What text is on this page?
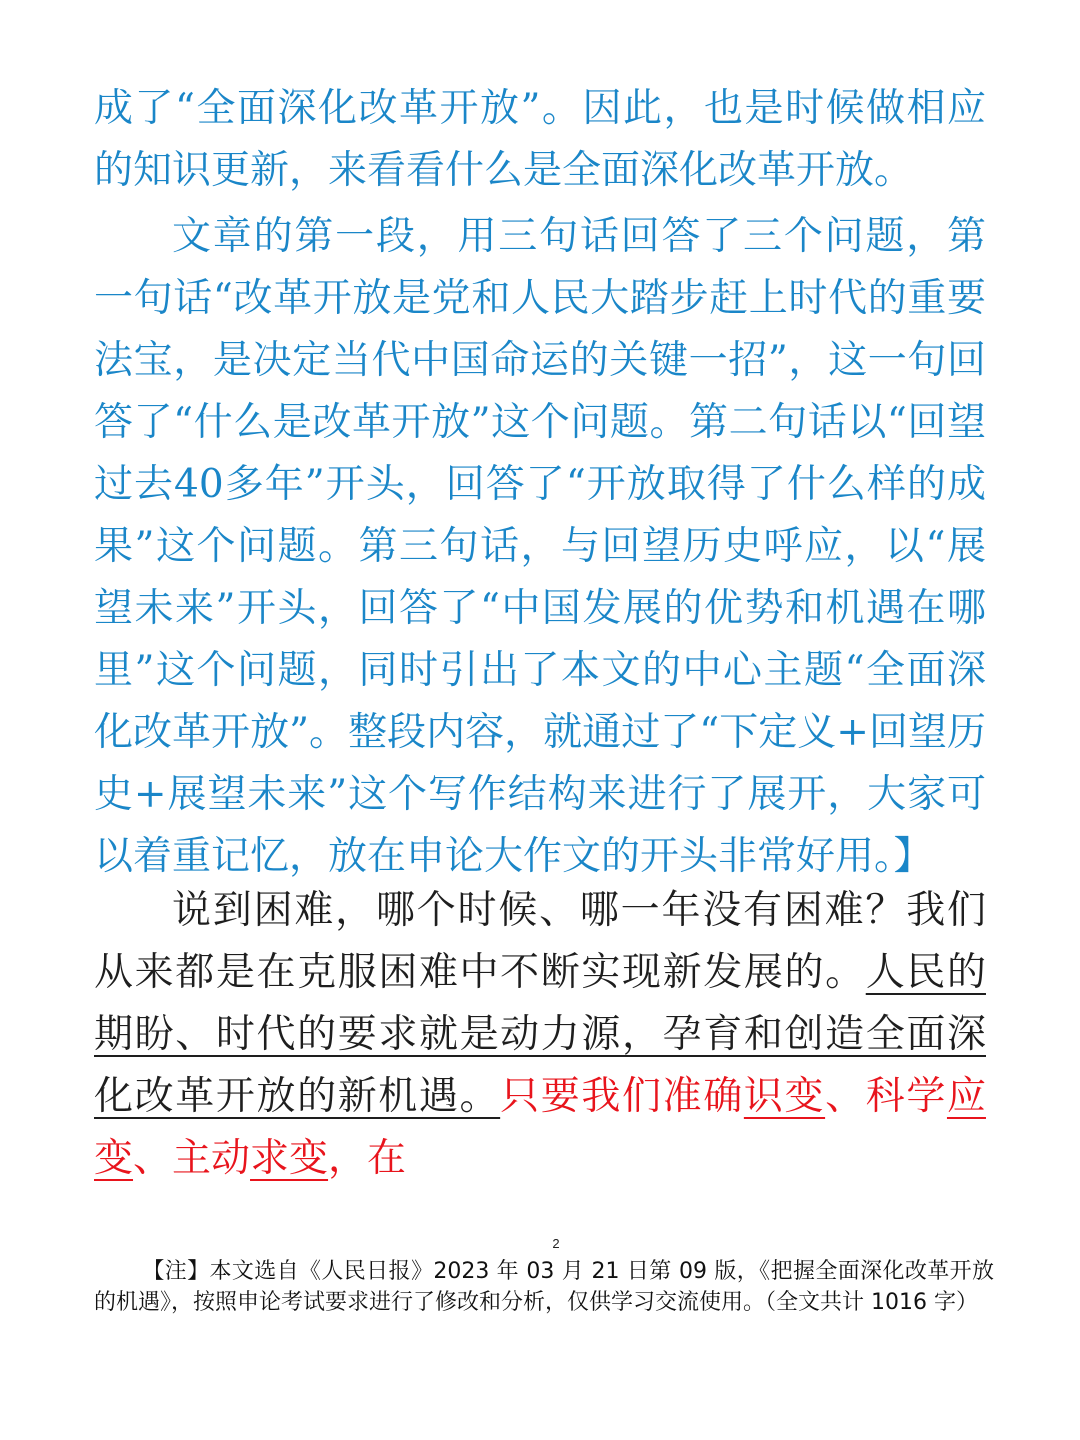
成了“全面深化改革开放”。因此，也是时候做相应的知识更新，来看看什么是全面深化改革开放。

文章的第一段，用三句话回答了三个问题，第一句话“改革开放是党和人民大踏步赶上时代的重要法宝，是决定当代中国命运的关键一招”，这一句回答了“什么是改革开放”这个问题。第二句话以“回望过去40多年”开头，回答了“开放取得了什么样的成果”这个问题。第三句话，与回望历史呼应，以“展望未来”开头，回答了“中国发展的优势和机遇在哪里”这个问题，同时引出了本文的中心主题“全面深化改革开放”。整段内容，就通过了“下定义+回望历史+展望未来”这个写作结构来进行了展开，大家可以着重记忆，放在申论大作文的开头非常好用。】

说到困难，哪个时候、哪一年没有困难？我们从来都是在克服困难中不断实现新发展的。人民的期盼、时代的要求就是动力源，孕育和创造全面深化改革开放的新机遇。只要我们准确识变、科学应变、主动求变，在

2

【注】本文选自《人民日报》2023 年 03 月 21 日第 09 版，《把握全面深化改革开放的机遇》，按照申论考试要求进行了修改和分析，仅供学习交流使用。（全文共计 1016 字）
